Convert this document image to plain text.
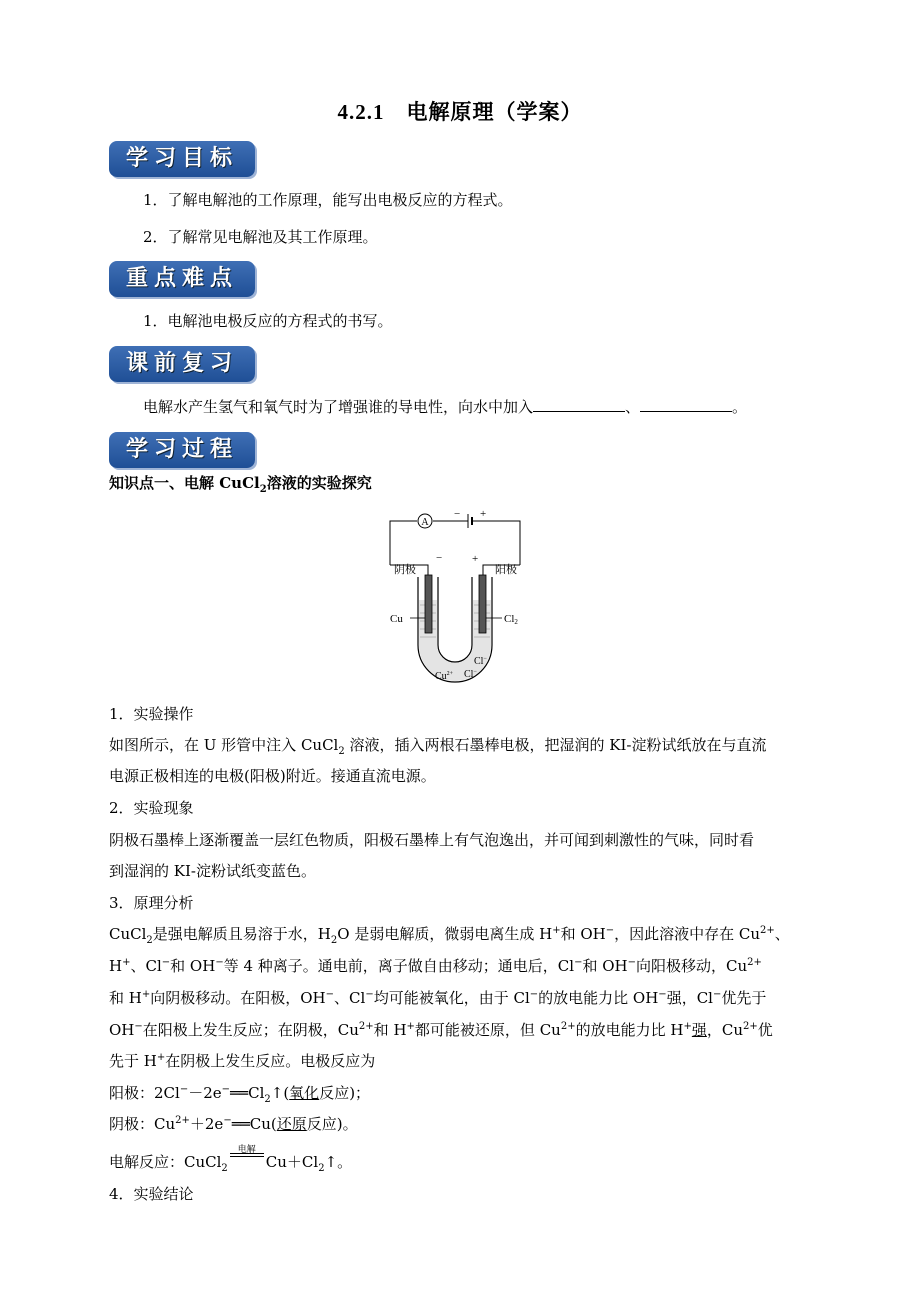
4.2.1 电解原理（学案）
学习目标
1．了解电解池的工作原理，能写出电极反应的方程式。
2．了解常见电解池及其工作原理。
重点难点
1．电解池电极反应的方程式的书写。
课前复习
电解水产生氢气和氧气时为了增强谁的导电性，向水中加入	、	。
学习过程
知识点一、电解 CuCl$_2$溶液的实验探究
A
− +
−	+
阴极	阳极
Cu	Cl2
$Cu^{2+}$ Cl−
Cl−
1．实验操作
如图所示，在 U 形管中注入 CuCl$_2$ 溶液，插入两根石墨棒电极，把湿润的 KI-淀粉试纸放在与直流
电源正极相连的电极(阳极)附近。接通直流电源。
2．实验现象
阴极石墨棒上逐渐覆盖一层红色物质，阳极石墨棒上有气泡逸出，并可闻到刺激性的气味，同时看
到湿润的 KI-淀粉试纸变蓝色。
3．原理分析
CuCl$_2$是强电解质且易溶于水，$H_2O$ 是弱电解质，微弱电离生成 H+和 OH−，因此溶液中存在 $Cu^{2+}$、
H+、Cl−和 OH−等 4 种离子。通电前，离子做自由移动；通电后，Cl−和 OH−向阳极移动，$Cu^{2+}$
和 H+向阴极移动。在阳极，OH−、Cl−均可能被氧化，由于 Cl−的放电能力比 OH−强，Cl−优先于
OH−在阳极上发生反应；在阴极，$Cu^{2+}$和 H+都可能被还原，但 $Cu^{2+}$的放电能力比 H+强，$Cu^{2+}$优
先于 H+在阴极上发生反应。电极反应为
阳极：$2Cl^--2e^-══Cl_2↑$(氧化反应)；
阴极：$Cu^{2+}+2e^-══Cu$(还原反应)。
电解反应：CuCl$_2$
电解
$Cu+Cl_2↑$。
4．实验结论
